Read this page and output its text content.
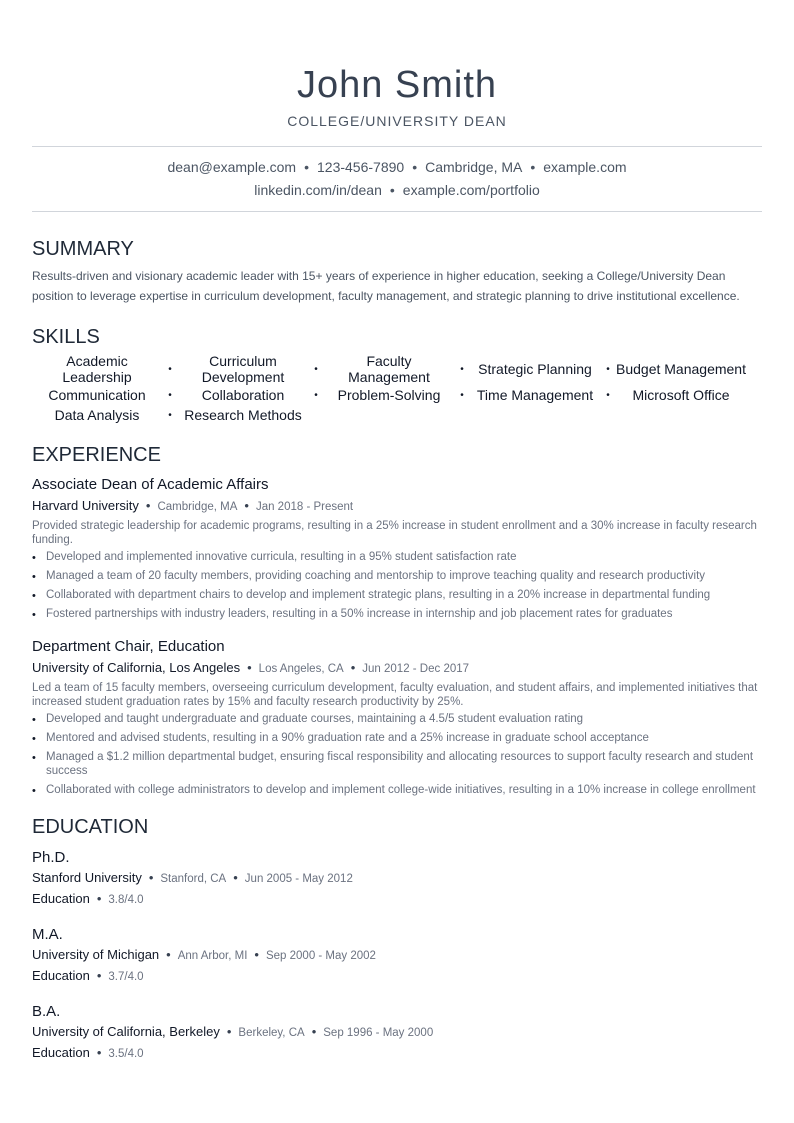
John Smith
COLLEGE/UNIVERSITY DEAN
dean@example.com • 123-456-7890 • Cambridge, MA • example.com
linkedin.com/in/dean • example.com/portfolio
SUMMARY
Results-driven and visionary academic leader with 15+ years of experience in higher education, seeking a College/University Dean position to leverage expertise in curriculum development, faculty management, and strategic planning to drive institutional excellence.
SKILLS
Academic Leadership	•	Curriculum Development	•	Faculty Management	•	Strategic Planning	• Budget Management
Communication	•	Collaboration	•	Problem-Solving	• Time Management	•	Microsoft Office
Data Analysis	• Research Methods
EXPERIENCE
Associate Dean of Academic Affairs
Harvard University • Cambridge, MA • Jan 2018 - Present
Provided strategic leadership for academic programs, resulting in a 25% increase in student enrollment and a 30% increase in faculty research funding.
• Developed and implemented innovative curricula, resulting in a 95% student satisfaction rate
• Managed a team of 20 faculty members, providing coaching and mentorship to improve teaching quality and research productivity
• Collaborated with department chairs to develop and implement strategic plans, resulting in a 20% increase in departmental funding
• Fostered partnerships with industry leaders, resulting in a 50% increase in internship and job placement rates for graduates
Department Chair, Education
University of California, Los Angeles • Los Angeles, CA • Jun 2012 - Dec 2017
Led a team of 15 faculty members, overseeing curriculum development, faculty evaluation, and student affairs, and implemented initiatives that increased student graduation rates by 15% and faculty research productivity by 25%.
• Developed and taught undergraduate and graduate courses, maintaining a 4.5/5 student evaluation rating
• Mentored and advised students, resulting in a 90% graduation rate and a 25% increase in graduate school acceptance
• Managed a $1.2 million departmental budget, ensuring fiscal responsibility and allocating resources to support faculty research and student success
• Collaborated with college administrators to develop and implement college-wide initiatives, resulting in a 10% increase in college enrollment
EDUCATION
Ph.D.
Stanford University • Stanford, CA • Jun 2005 - May 2012
Education • 3.8/4.0
M.A.
University of Michigan • Ann Arbor, MI • Sep 2000 - May 2002
Education • 3.7/4.0
B.A.
University of California, Berkeley • Berkeley, CA • Sep 1996 - May 2000
Education • 3.5/4.0
